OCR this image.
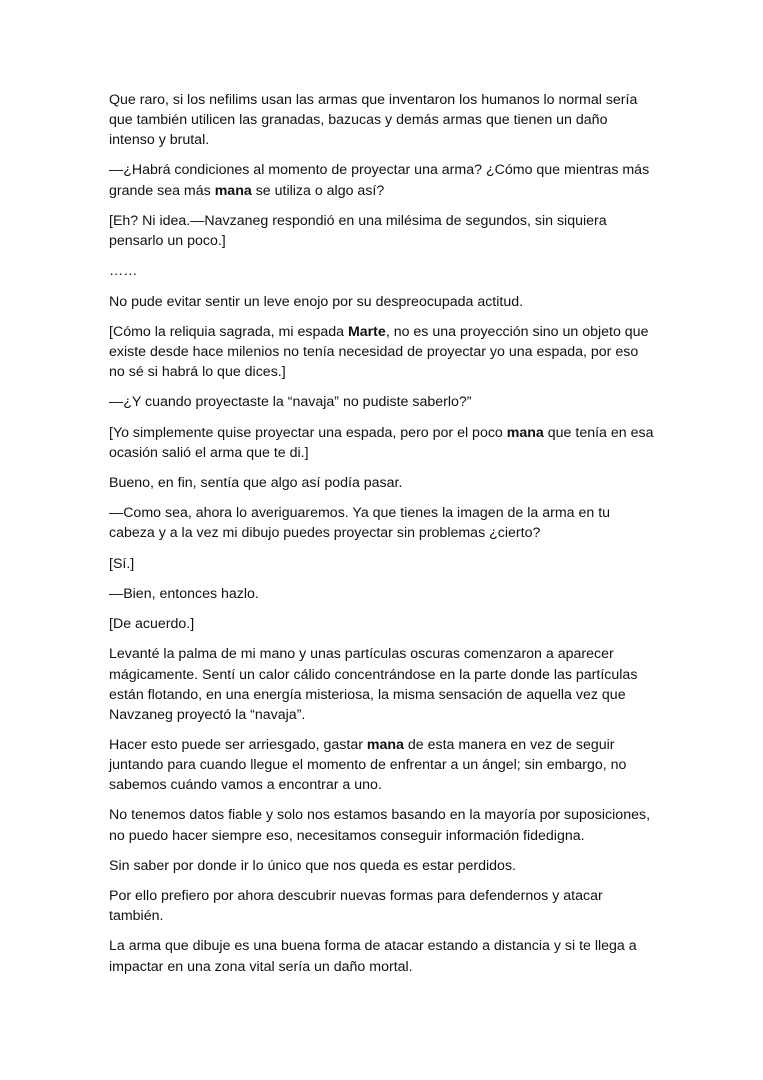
Que raro, si los nefilims usan las armas que inventaron los humanos lo normal sería que también utilicen las granadas, bazucas y demás armas que tienen un daño intenso y brutal.

—¿Habrá condiciones al momento de proyectar una arma? ¿Cómo que mientras más grande sea más mana se utiliza o algo así?

[Eh? Ni idea.—Navzaneg respondió en una milésima de segundos, sin siquiera pensarlo un poco.]

……

No pude evitar sentir un leve enojo por su despreocupada actitud.

[Cómo la reliquia sagrada, mi espada Marte, no es una proyección sino un objeto que existe desde hace milenios no tenía necesidad de proyectar yo una espada, por eso no sé si habrá lo que dices.]

—¿Y cuando proyectaste la “navaja” no pudiste saberlo?”

[Yo simplemente quise proyectar una espada, pero por el poco mana que tenía en esa ocasión salió el arma que te di.]

Bueno, en fin, sentía que algo así podía pasar.

—Como sea, ahora lo averiguaremos. Ya que tienes la imagen de la arma en tu cabeza y a la vez mi dibujo puedes proyectar sin problemas ¿cierto?

[Sí.]

—Bien, entonces hazlo.

[De acuerdo.]

Levanté la palma de mi mano y unas partículas oscuras comenzaron a aparecer mágicamente. Sentí un calor cálido concentrándose en la parte donde las partículas están flotando, en una energía misteriosa, la misma sensación de aquella vez que Navzaneg proyectó la “navaja”.

Hacer esto puede ser arriesgado, gastar mana de esta manera en vez de seguir juntando para cuando llegue el momento de enfrentar a un ángel; sin embargo, no sabemos cuándo vamos a encontrar a uno.

No tenemos datos fiable y solo nos estamos basando en la mayoría por suposiciones, no puedo hacer siempre eso, necesitamos conseguir información fidedigna.

Sin saber por donde ir lo único que nos queda es estar perdidos.

Por ello prefiero por ahora descubrir nuevas formas para defendernos y atacar también.

La arma que dibuje es una buena forma de atacar estando a distancia y si te llega a impactar en una zona vital sería un daño mortal.
